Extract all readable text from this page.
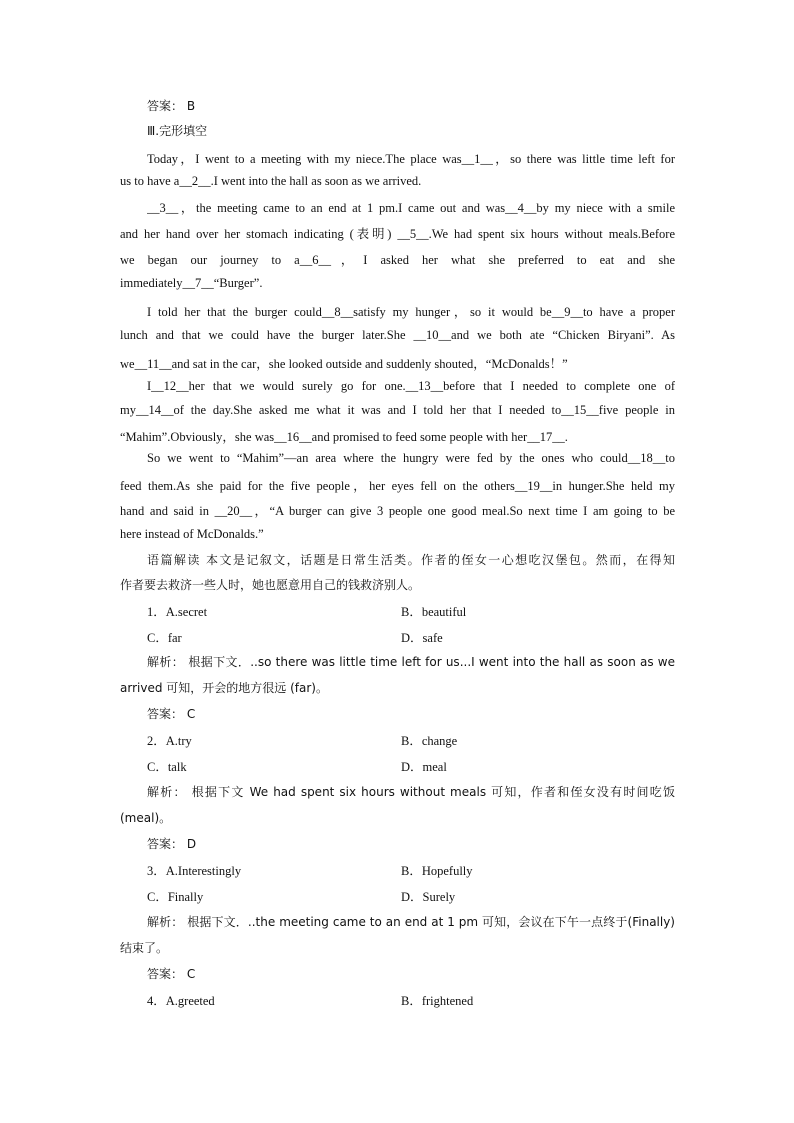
答案： B
Ⅲ.完形填空
Today，I went to a meeting with my niece.The place was__1__，so there was little time left for
us to have a__2__.I went into the hall as soon as we arrived.
__3__，the meeting came to an end at 1 pm.I came out and was__4__by my niece with a smile
and her hand over her stomach indicating (表明) __5__.We had spent six hours without meals.Before
we began our journey to a__6__，I asked her what she preferred to eat and she
immediately__7__“Burger”.
I told her that the burger could__8__satisfy my hunger，so it would be__9__to have a proper
lunch and that we could have the burger later.She __10__and we both ate “Chicken Biryani”. As
we__11__and sat in the car，she looked outside and suddenly shouted，“McDonalds！”
I__12__her that we would surely go for one.__13__before that I needed to complete one of
my__14__of the day.She asked me what it was and I told her that I needed to__15__five people in
“Mahim”.Obviously，she was__16__and promised to feed some people with her__17__.
So we went to “Mahim”—an area where the hungry were fed by the ones who could__18__to
feed them.As she paid for the five people，her eyes fell on the others__19__in hunger.She held my
hand and said in __20__，“A burger can give 3 people one good meal.So next time I am going to be
here instead of McDonalds.”
语篇解读 本文是记叙文，话题是日常生活类。作者的侄女一心想吃汉堡包。然而，在得知
作者要去救济一些人时，她也愿意用自己的钱救济别人。
1．A.secret	B．beautiful
C．far	D．safe
解析： 根据下文．..so there was little time left for us...I went into the hall as soon as we
arrived 可知，开会的地方很远 (far)。
答案： C
2．A.try	B．change
C．talk	D．meal
解析： 根据下文 We had spent six hours without meals 可知，作者和侄女没有时间吃饭
(meal)。
答案： D
3．A.Interestingly	B．Hopefully
C．Finally	D．Surely
解析： 根据下文．..the meeting came to an end at 1 pm 可知，会议在下午一点终于(Finally)
结束了。
答案： C
4．A.greeted	B．frightened
